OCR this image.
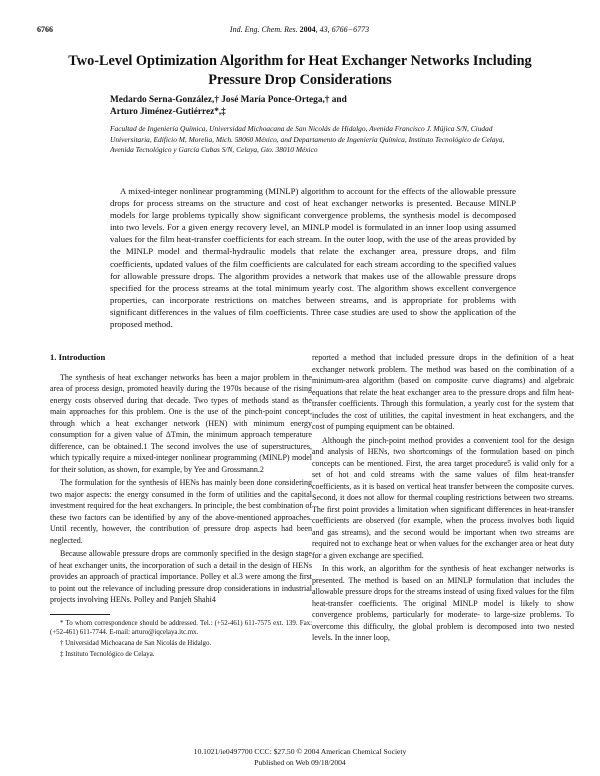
6766	Ind. Eng. Chem. Res. 2004, 43, 6766−6773
Two-Level Optimization Algorithm for Heat Exchanger Networks Including Pressure Drop Considerations
Medardo Serna-González,† José María Ponce-Ortega,† and
Arturo Jiménez-Gutiérrez*,‡
Facultad de Ingeniería Química, Universidad Michoacana de San Nicolás de Hidalgo, Avenida Francisco J. Mújica S/N, Ciudad Universitaria, Edificio M, Morelia, Mich. 58060 México, and Departamento de Ingeniería Química, Instituto Tecnológico de Celaya, Avenida Tecnológico y García Cubas S/N, Celaya, Gto. 38010 México
A mixed-integer nonlinear programming (MINLP) algorithm to account for the effects of the allowable pressure drops for process streams on the structure and cost of heat exchanger networks is presented. Because MINLP models for large problems typically show significant convergence problems, the synthesis model is decomposed into two levels. For a given energy recovery level, an MINLP model is formulated in an inner loop using assumed values for the film heat-transfer coefficients for each stream. In the outer loop, with the use of the areas provided by the MINLP model and thermal-hydraulic models that relate the exchanger area, pressure drops, and film coefficients, updated values of the film coefficients are calculated for each stream according to the specified values for allowable pressure drops. The algorithm provides a network that makes use of the allowable pressure drops specified for the process streams at the total minimum yearly cost. The algorithm shows excellent convergence properties, can incorporate restrictions on matches between streams, and is appropriate for problems with significant differences in the values of film coefficients. Three case studies are used to show the application of the proposed method.
1. Introduction

The synthesis of heat exchanger networks has been a major problem in the area of process design, promoted heavily during the 1970s because of the rising energy costs observed during that decade. Two types of methods stand as the main approaches for this problem. One is the use of the pinch-point concept, through which a heat exchanger network (HEN) with minimum energy consumption for a given value of ΔTmin, the minimum approach temperature difference, can be obtained.1 The second involves the use of superstructures, which typically require a mixed-integer nonlinear programming (MINLP) model for their solution, as shown, for example, by Yee and Grossmann.2

The formulation for the synthesis of HENs has mainly been done considering two major aspects: the energy consumed in the form of utilities and the capital investment required for the heat exchangers. In principle, the best combination of these two factors can be identified by any of the above-mentioned approaches. Until recently, however, the contribution of pressure drop aspects had been neglected.

Because allowable pressure drops are commonly specified in the design stage of heat exchanger units, the incorporation of such a detail in the design of HENs provides an approach of practical importance. Polley et al.3 were among the first to point out the relevance of including pressure drop considerations in industrial projects involving HENs. Polley and Panjeh Shahi4

* To whom correspondence should be addressed. Tel.: (+52-461) 611-7575 ext. 139. Fax: (+52-461) 611-7744. E-mail: arturo@iqcelaya.itc.mx.

† Universidad Michoacana de San Nicolás de Hidalgo.

‡ Instituto Tecnológico de Celaya.

reported a method that included pressure drops in the definition of a heat exchanger network problem. The method was based on the combination of a minimum-area algorithm (based on composite curve diagrams) and algebraic equations that relate the heat exchanger area to the pressure drops and film heat-transfer coefficients. Through this formulation, a yearly cost for the system that includes the cost of utilities, the capital investment in heat exchangers, and the cost of pumping equipment can be obtained.

Although the pinch-point method provides a convenient tool for the design and analysis of HENs, two shortcomings of the formulation based on pinch concepts can be mentioned. First, the area target procedure5 is valid only for a set of hot and cold streams with the same values of film heat-transfer coefficients, as it is based on vertical heat transfer between the composite curves. Second, it does not allow for thermal coupling restrictions between two streams. The first point provides a limitation when significant differences in heat-transfer coefficients are observed (for example, when the process involves both liquid and gas streams), and the second would be important when two streams are required not to exchange heat or when values for the exchanger area or heat duty for a given exchange are specified.

In this work, an algorithm for the synthesis of heat exchanger networks is presented. The method is based on an MINLP formulation that includes the allowable pressure drops for the streams instead of using fixed values for the film heat-transfer coefficients. The original MINLP model is likely to show convergence problems, particularly for moderate- to large-size problems. To overcome this difficulty, the global problem is decomposed into two nested levels. In the inner loop,

10.1021/ie0497700 CCC: $27.50 © 2004 American Chemical Society
Published on Web 09/18/2004
